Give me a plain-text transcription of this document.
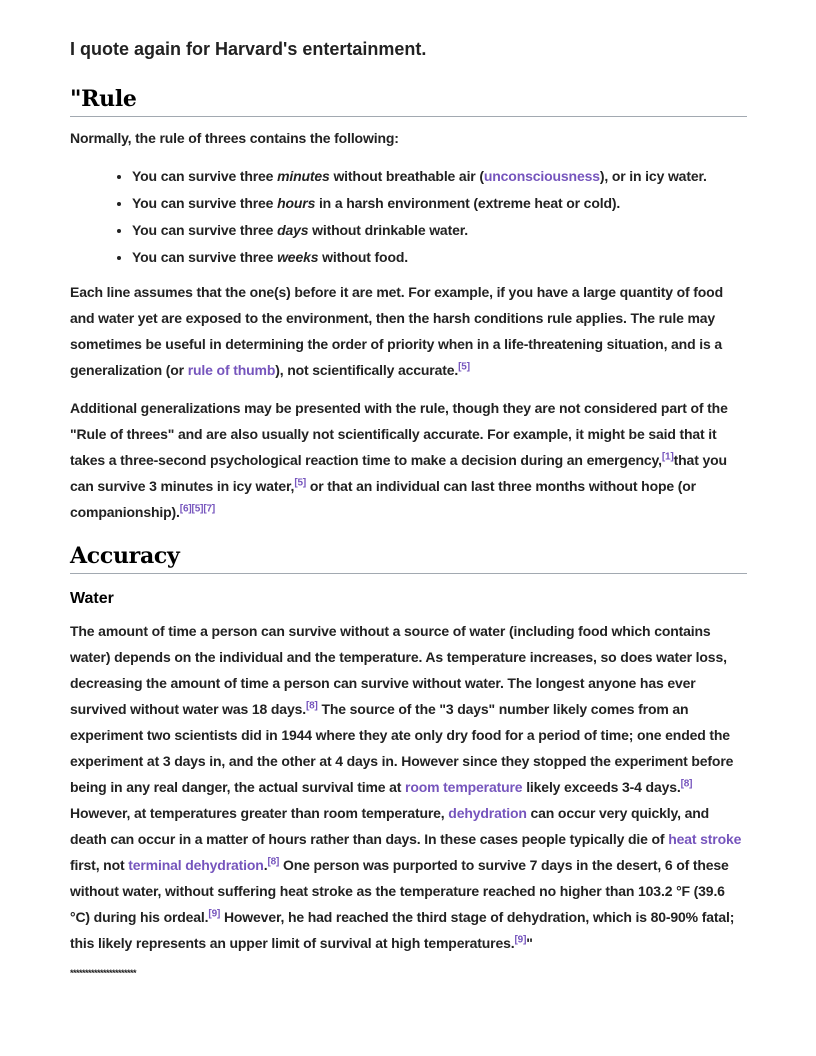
I quote again for Harvard's entertainment.
"Rule

Normally, the rule of threes contains the following:

• You can survive three minutes without breathable air (unconsciousness), or in icy water.
• You can survive three hours in a harsh environment (extreme heat or cold).
• You can survive three days without drinkable water.
• You can survive three weeks without food.

Each line assumes that the one(s) before it are met. For example, if you have a large quantity of food and water yet are exposed to the environment, then the harsh conditions rule applies. The rule may sometimes be useful in determining the order of priority when in a life-threatening situation, and is a generalization (or rule of thumb), not scientifically accurate.[5]

Additional generalizations may be presented with the rule, though they are not considered part of the "Rule of threes" and are also usually not scientifically accurate. For example, it might be said that it takes a three-second psychological reaction time to make a decision during an emergency,[1]that you can survive 3 minutes in icy water,[5] or that an individual can last three months without hope (or companionship).[6][5][7]

Accuracy
Water

The amount of time a person can survive without a source of water (including food which contains water) depends on the individual and the temperature. As temperature increases, so does water loss, decreasing the amount of time a person can survive without water. The longest anyone has ever survived without water was 18 days.[8] The source of the "3 days" number likely comes from an experiment two scientists did in 1944 where they ate only dry food for a period of time; one ended the experiment at 3 days in, and the other at 4 days in. However since they stopped the experiment before being in any real danger, the actual survival time at room temperature likely exceeds 3-4 days.[8] However, at temperatures greater than room temperature, dehydration can occur very quickly, and death can occur in a matter of hours rather than days. In these cases people typically die of heat stroke first, not terminal dehydration.[8] One person was purported to survive 7 days in the desert, 6 of these without water, without suffering heat stroke as the temperature reached no higher than 103.2 °F (39.6 °C) during his ordeal.[9] However, he had reached the third stage of dehydration, which is 80-90% fatal; this likely represents an upper limit of survival at high temperatures.[9]"

**********************
